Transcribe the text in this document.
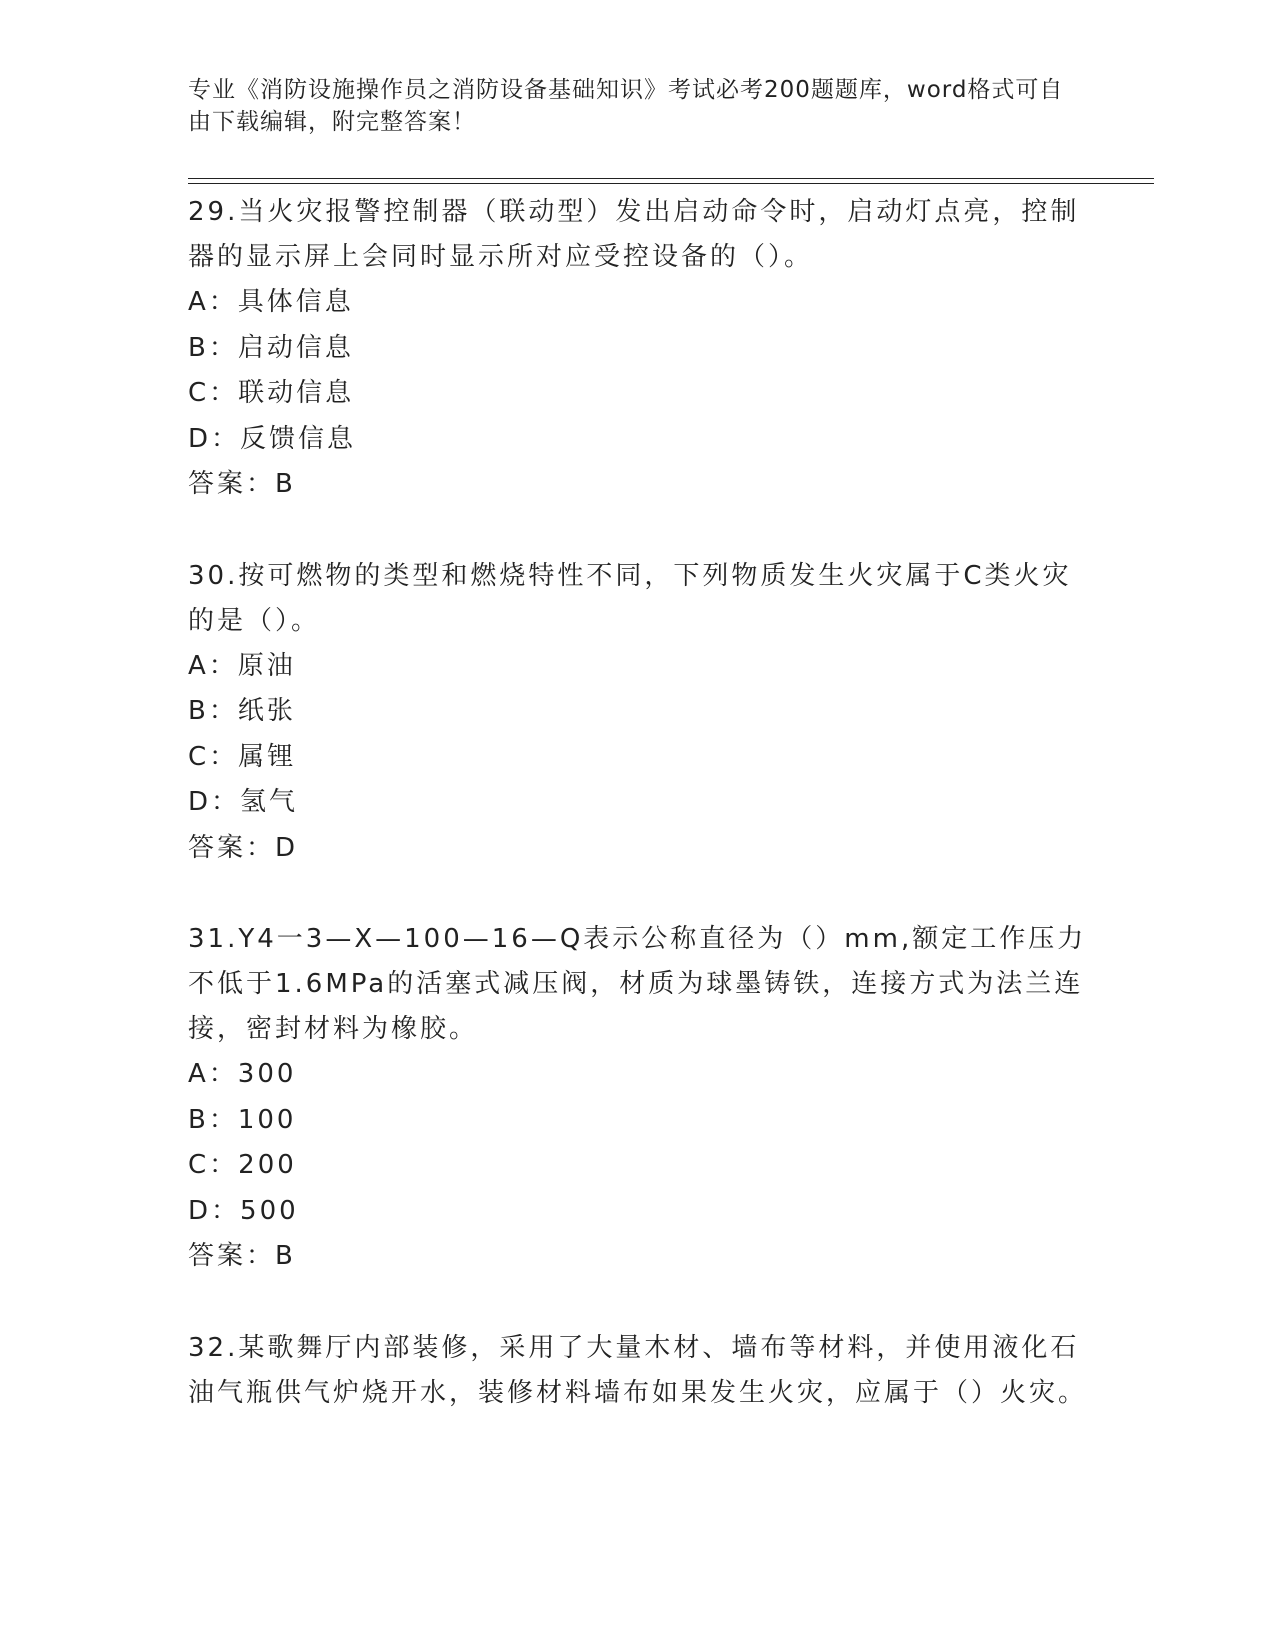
专业《消防设施操作员之消防设备基础知识》考试必考200题题库，word格式可自由下载编辑，附完整答案！

29.当火灾报警控制器（联动型）发出启动命令时，启动灯点亮，控制器的显示屏上会同时显示所对应受控设备的（）。

A：具体信息

B：启动信息

C：联动信息

D：反馈信息

答案：B

30.按可燃物的类型和燃烧特性不同，下列物质发生火灾属于C类火灾的是（）。

A：原油

B：纸张

C：属锂

D：氢气

答案：D

31.Y4一3—X—100—16—Q表示公称直径为（）mm,额定工作压力不低于1.6MPa的活塞式减压阀，材质为球墨铸铁，连接方式为法兰连接，密封材料为橡胶。

A：300

B：100

C：200

D：500

答案：B

32.某歌舞厅内部装修，采用了大量木材、墙布等材料，并使用液化石油气瓶供气炉烧开水，装修材料墙布如果发生火灾，应属于（）火灾。
